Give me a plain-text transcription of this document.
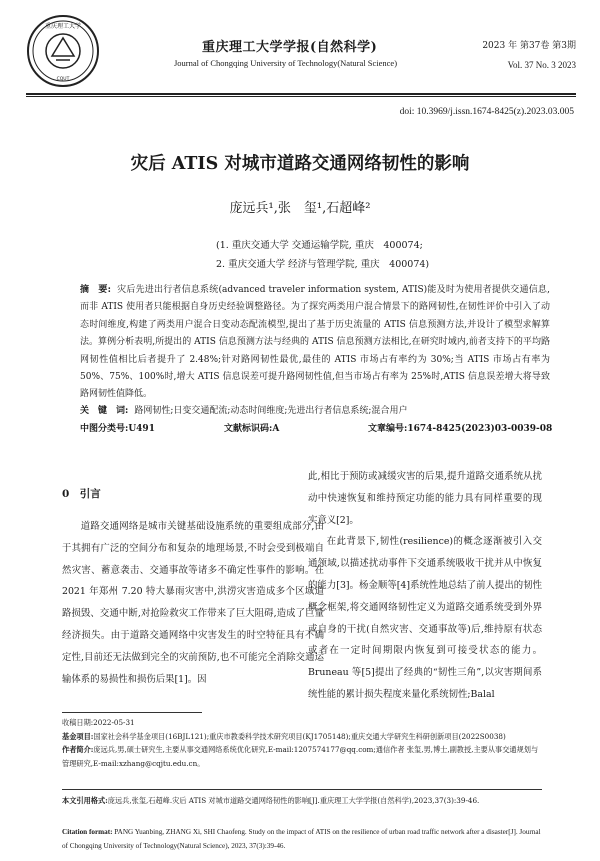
重庆理工大学
CQUT
重庆理工大学学报(自然科学)
Journal of Chongqing University of Technology(Natural Science)
2023 年 第37卷 第3期
Vol. 37 No. 3 2023
doi: 10.3969/j.issn.1674-8425(z).2023.03.005
灾后 ATIS 对城市道路交通网络韧性的影响
庞远兵¹,张　玺¹,石超峰²
(1. 重庆交通大学 交通运输学院, 重庆　400074;
2. 重庆交通大学 经济与管理学院, 重庆　400074)
摘　要: 灾后先进出行者信息系统(advanced traveler information system, ATIS)能及时为使用者提供交通信息,而非 ATIS 使用者只能根据自身历史经验调整路径。为了探究两类用户混合情景下的路网韧性,在韧性评价中引入了动态时间维度,构建了两类用户混合日变动态配流模型,提出了基于历史流量的 ATIS 信息预测方法,并设计了模型求解算法。算例分析表明,所提出的 ATIS 信息预测方法与经典的 ATIS 信息预测方法相比,在研究时域内,前者支持下的平均路网韧性值相比后者提升了 2.48%;针对路网韧性最优,最佳的 ATIS 市场占有率约为 30%;当 ATIS 市场占有率为 50%、75%、100%时,增大 ATIS 信息误差可提升路网韧性值,但当市场占有率为 25%时,ATIS 信息误差增大将导致路网韧性值降低。
关　键　词: 路网韧性;日变交通配流;动态时间维度;先进出行者信息系统;混合用户
中图分类号:U491	文献标识码:A	文章编号:1674-8425(2023)03-0039-08
0　引言

道路交通网络是城市关键基础设施系统的重要组成部分,由于其拥有广泛的空间分布和复杂的地理场景,不时会受到极端自然灾害、蓄意袭击、交通事故等诸多不确定性事件的影响。在 2021 年郑州 7.20 特大暴雨灾害中,洪涝灾害造成多个区域道路损毁、交通中断,对抢险救灾工作带来了巨大阻碍,造成了巨量经济损失。由于道路交通网络中灾害发生的时空特征具有不确定性,目前还无法做到完全的灾前预防,也不可能完全消除交通运输体系的易损性和损伤后果[1]。因

此,相比于预防或减缓灾害的后果,提升道路交通系统从扰动中快速恢复和维持预定功能的能力具有同样重要的现实意义[2]。

在此背景下,韧性(resilience)的概念逐渐被引入交通领域,以描述扰动事件下交通系统吸收干扰并从中恢复的能力[3]。杨金顺等[4]系统性地总结了前人提出的韧性概念框架,将交通网络韧性定义为道路交通系统受到外界或自身的干扰(自然灾害、交通事故等)后,维持原有状态或者在一定时间期限内恢复到可接受状态的能力。Bruneau 等[5]提出了经典的“韧性三角”,以灾害期间系统性能的累计损失程度来量化系统韧性;Balal

收稿日期:2022-05-31
基金项目:国家社会科学基金项目(16BJL121);重庆市教委科学技术研究项目(KJ1705148);重庆交通大学研究生科研创新项目(2022S0038)
作者简介:庞远兵,男,硕士研究生,主要从事交通网络系统优化研究,E-mail:1207574177@qq.com;通信作者 张玺,男,博士,副教授,主要从事交通规划与管理研究,E-mail:xzhang@cqjtu.edu.cn。
本文引用格式:庞远兵,张玺,石超峰.灾后 ATIS 对城市道路交通网络韧性的影响[J].重庆理工大学学报(自然科学),2023,37(3):39-46.
Citation format: PANG Yuanbing, ZHANG Xi, SHI Chaofeng. Study on the impact of ATIS on the resilience of urban road traffic network after a disaster[J]. Journal of Chongqing University of Technology(Natural Science), 2023, 37(3):39-46.
